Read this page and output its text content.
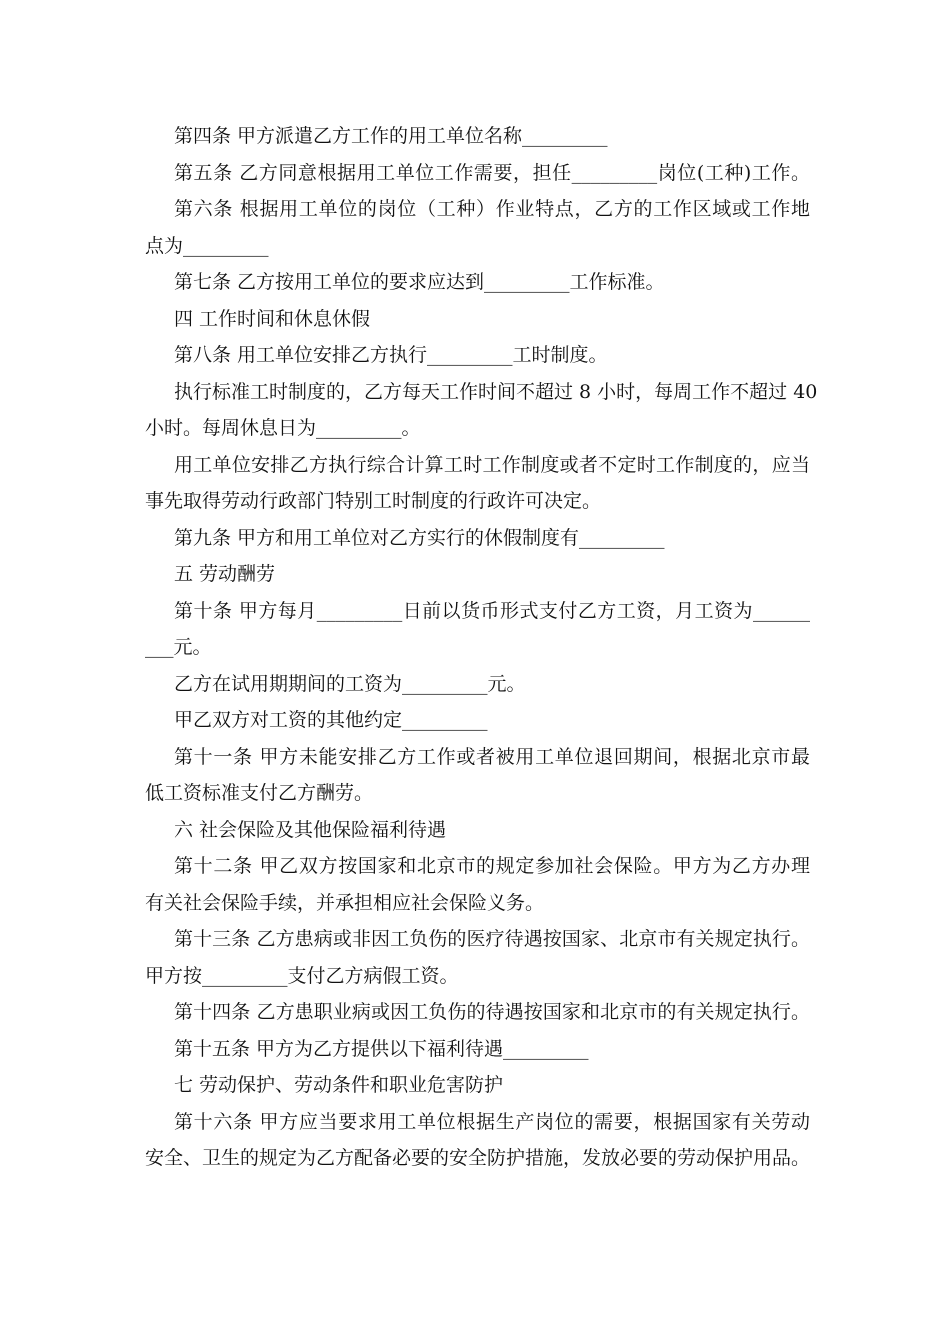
第四条 甲方派遣乙方工作的用工单位名称_________
第五条 乙方同意根据用工单位工作需要，担任_________岗位(工种)工作。
第六条 根据用工单位的岗位（工种）作业特点，乙方的工作区域或工作地
点为_________
第七条 乙方按用工单位的要求应达到_________工作标准。
四 工作时间和休息休假
第八条 用工单位安排乙方执行_________工时制度。
执行标准工时制度的，乙方每天工作时间不超过 8 小时，每周工作不超过 40
小时。每周休息日为_________。
用工单位安排乙方执行综合计算工时工作制度或者不定时工作制度的，应当
事先取得劳动行政部门特别工时制度的行政许可决定。
第九条 甲方和用工单位对乙方实行的休假制度有_________
五 劳动酬劳
第十条 甲方每月_________日前以货币形式支付乙方工资，月工资为______
___元。
乙方在试用期期间的工资为_________元。
甲乙双方对工资的其他约定_________
第十一条 甲方未能安排乙方工作或者被用工单位退回期间，根据北京市最
低工资标准支付乙方酬劳。
六 社会保险及其他保险福利待遇
第十二条 甲乙双方按国家和北京市的规定参加社会保险。甲方为乙方办理
有关社会保险手续，并承担相应社会保险义务。
第十三条 乙方患病或非因工负伤的医疗待遇按国家、北京市有关规定执行。
甲方按_________支付乙方病假工资。
第十四条 乙方患职业病或因工负伤的待遇按国家和北京市的有关规定执行。
第十五条 甲方为乙方提供以下福利待遇_________
七 劳动保护、劳动条件和职业危害防护
第十六条 甲方应当要求用工单位根据生产岗位的需要，根据国家有关劳动
安全、卫生的规定为乙方配备必要的安全防护措施，发放必要的劳动保护用品。
